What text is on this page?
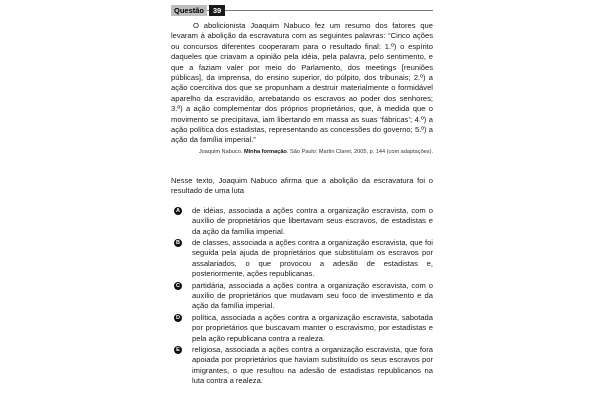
Questão	39

O abolicionista Joaquim Nabuco fez um resumo dos fatores que levaram à abolição da escravatura com as seguintes palavras: “Cinco ações ou concursos diferentes cooperaram para o resultado final: 1.º) o espírito daqueles que criavam a opinião pela idéia, pela palavra, pelo sentimento, e que a faziam valer por meio do Parlamento, dos meetings [reuniões públicas], da imprensa, do ensino superior, do púlpito, dos tribunais; 2.º) a ação coercitiva dos que se propunham a destruir materialmente o formidável aparelho da escravidão, arrebatando os escravos ao poder dos senhores; 3.º) a ação complementar dos próprios proprietários, que, à medida que o movimento se precipitava, iam libertando em massa as suas ‘fábricas’; 4.º) a ação política dos estadistas, representando as concessões do governo; 5.º) a ação da família imperial.”

Joaquim Nabuco. Minha formação. São Paulo: Martin Claret, 2005, p. 144 (com adaptações).

Nesse texto, Joaquim Nabuco afirma que a abolição da escravatura foi o resultado de uma luta

A de idéias, associada a ações contra a organização escravista, com o auxílio de proprietários que libertavam seus escravos, de estadistas e da ação da família imperial.
B de classes, associada a ações contra a organização escravista, que foi seguida pela ajuda de proprietários que substituíam os escravos por assalariados, o que provocou a adesão de estadistas e, posteriormente, ações republicanas.
C partidária, associada a ações contra a organização escravista, com o auxílio de proprietários que mudavam seu foco de investimento e da ação da família imperial.
D política, associada a ações contra a organização escravista, sabotada por proprietários que buscavam manter o escravismo, por estadistas e pela ação republicana contra a realeza.
E religiosa, associada a ações contra a organização escravista, que fora apoiada por proprietários que haviam substituído os seus escravos por imigrantes, o que resultou na adesão de estadistas republicanos na luta contra a realeza.
